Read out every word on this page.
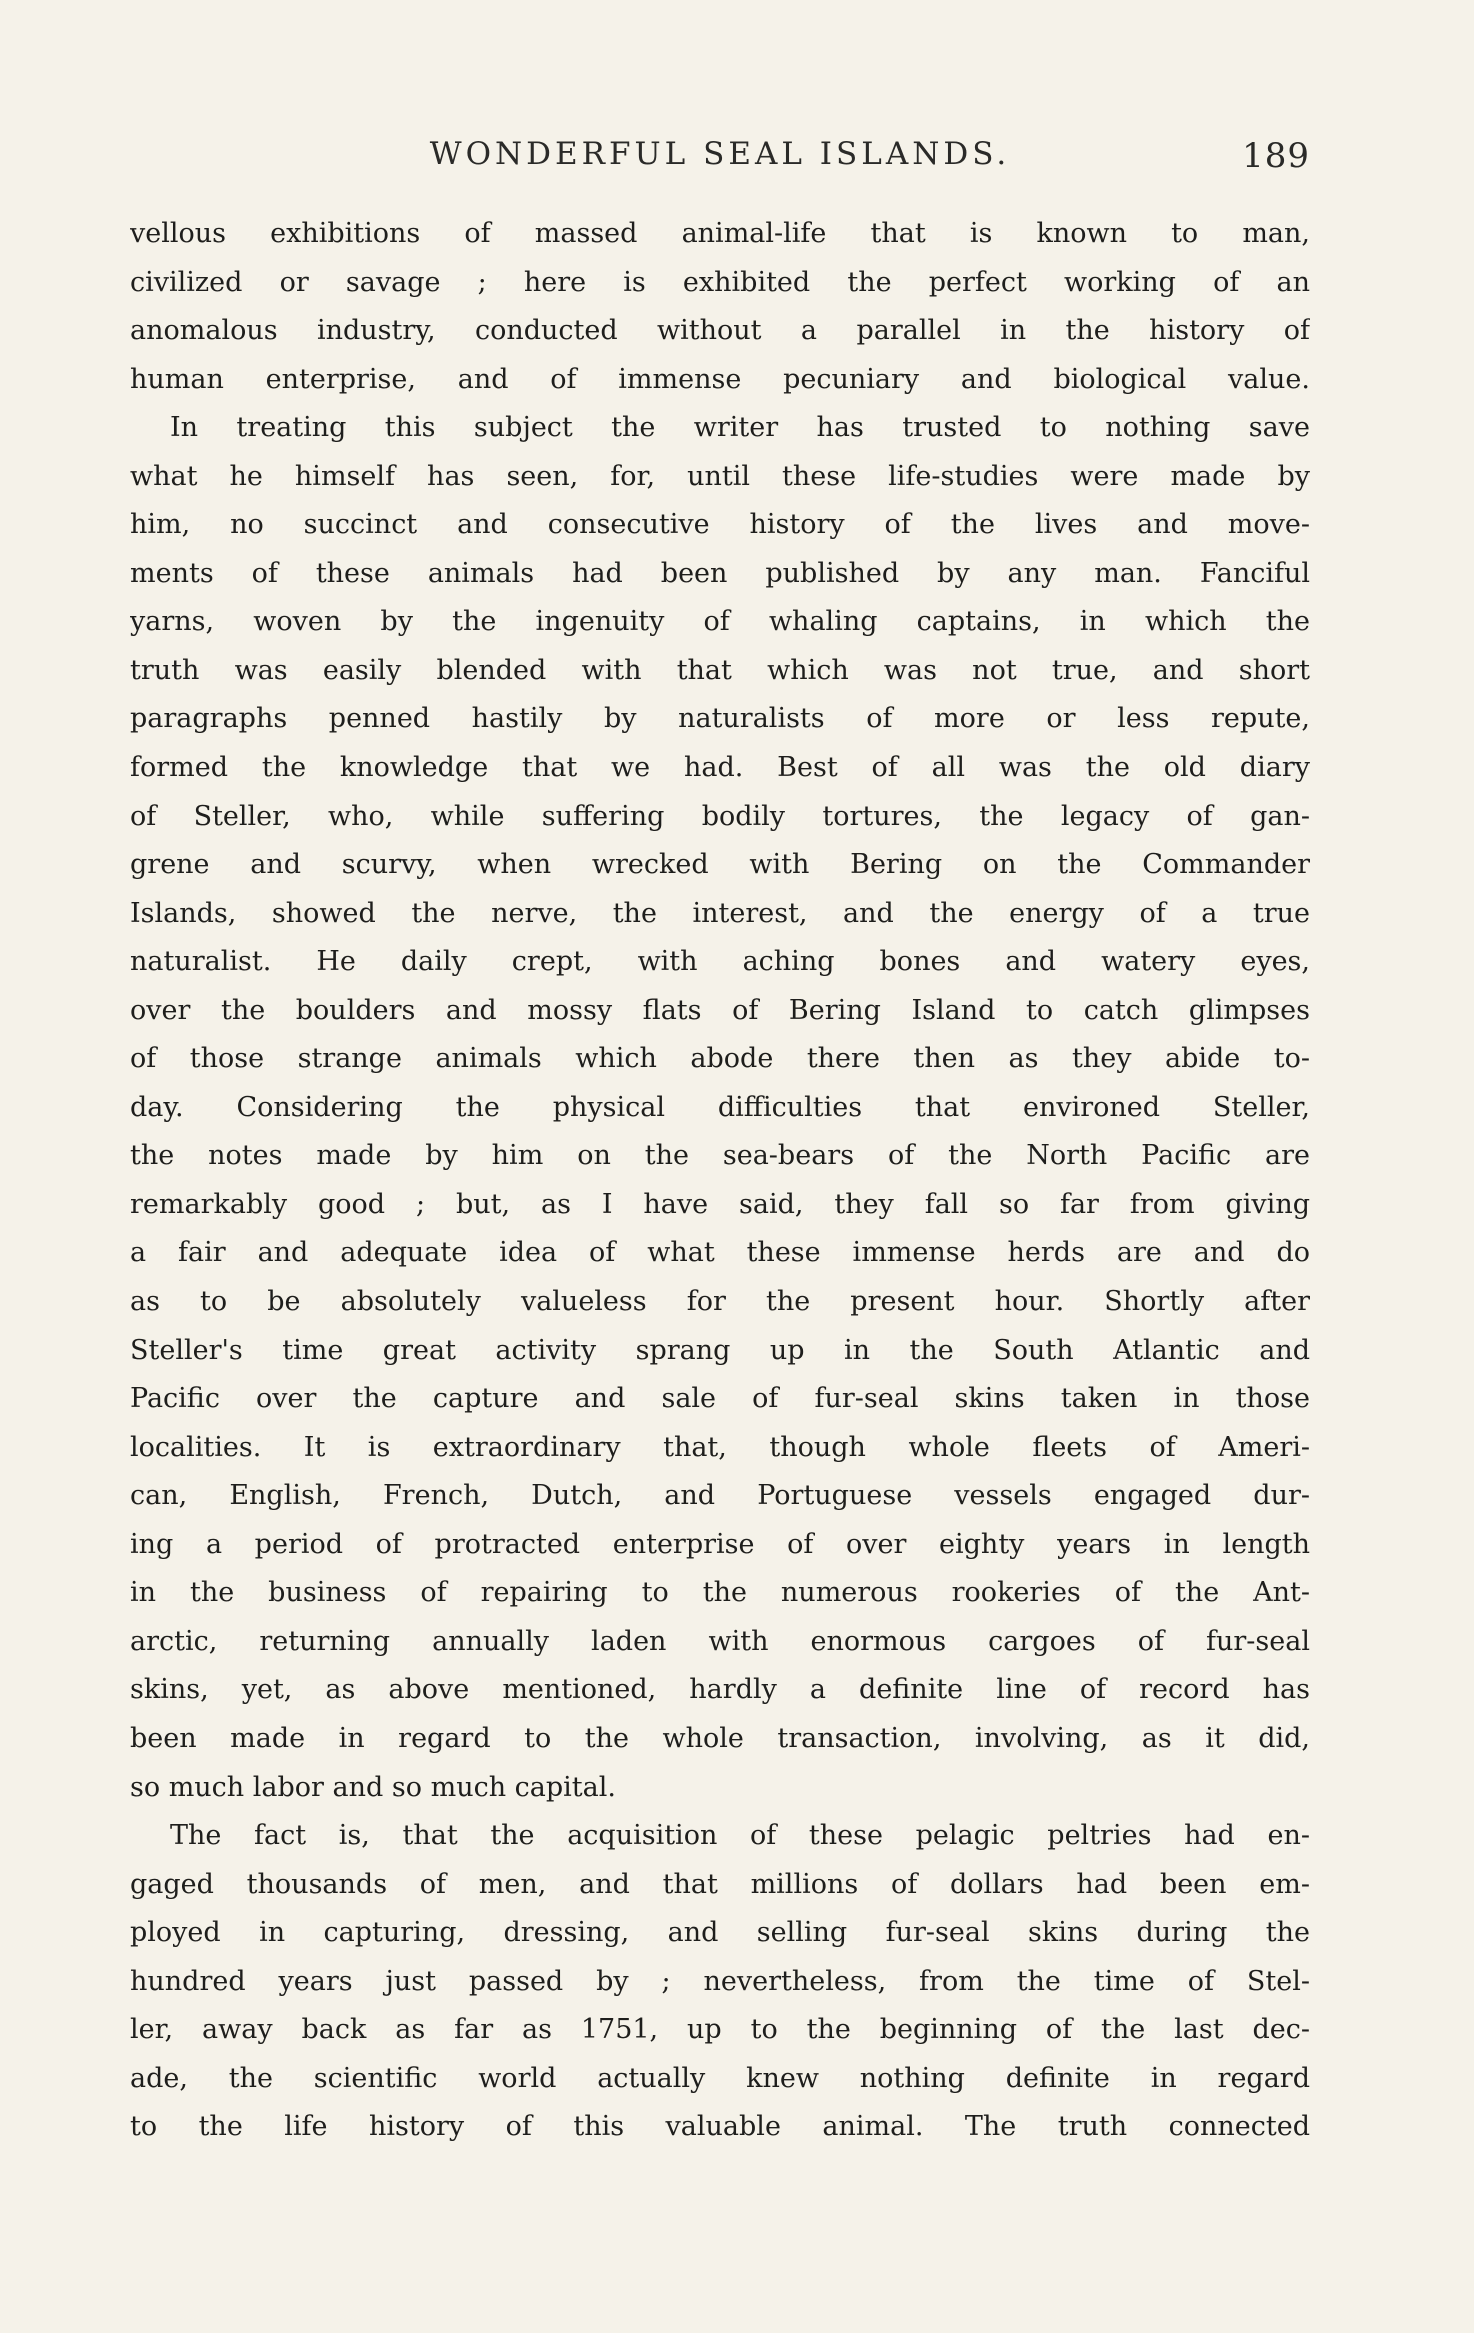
WONDERFUL SEAL ISLANDS.	189
vellous exhibitions of massed animal-life that is known to man,
civilized or savage ; here is exhibited the perfect working of an
anomalous industry, conducted without a parallel in the history of
human enterprise, and of immense pecuniary and biological value.
In treating this subject the writer has trusted to nothing save
what he himself has seen, for, until these life-studies were made by
him, no succinct and consecutive history of the lives and move-
ments of these animals had been published by any man. Fanciful
yarns, woven by the ingenuity of whaling captains, in which the
truth was easily blended with that which was not true, and short
paragraphs penned hastily by naturalists of more or less repute,
formed the knowledge that we had. Best of all was the old diary
of Steller, who, while suffering bodily tortures, the legacy of gan-
grene and scurvy, when wrecked with Bering on the Commander
Islands, showed the nerve, the interest, and the energy of a true
naturalist. He daily crept, with aching bones and watery eyes,
over the boulders and mossy flats of Bering Island to catch glimpses
of those strange animals which abode there then as they abide to-
day. Considering the physical difficulties that environed Steller,
the notes made by him on the sea-bears of the North Pacific are
remarkably good ; but, as I have said, they fall so far from giving
a fair and adequate idea of what these immense herds are and do
as to be absolutely valueless for the present hour. Shortly after
Steller's time great activity sprang up in the South Atlantic and
Pacific over the capture and sale of fur-seal skins taken in those
localities. It is extraordinary that, though whole fleets of Ameri-
can, English, French, Dutch, and Portuguese vessels engaged dur-
ing a period of protracted enterprise of over eighty years in length
in the business of repairing to the numerous rookeries of the Ant-
arctic, returning annually laden with enormous cargoes of fur-seal
skins, yet, as above mentioned, hardly a definite line of record has
been made in regard to the whole transaction, involving, as it did,
so much labor and so much capital.
The fact is, that the acquisition of these pelagic peltries had en-
gaged thousands of men, and that millions of dollars had been em-
ployed in capturing, dressing, and selling fur-seal skins during the
hundred years just passed by ; nevertheless, from the time of Stel-
ler, away back as far as 1751, up to the beginning of the last dec-
ade, the scientific world actually knew nothing definite in regard
to the life history of this valuable animal. The truth connected
